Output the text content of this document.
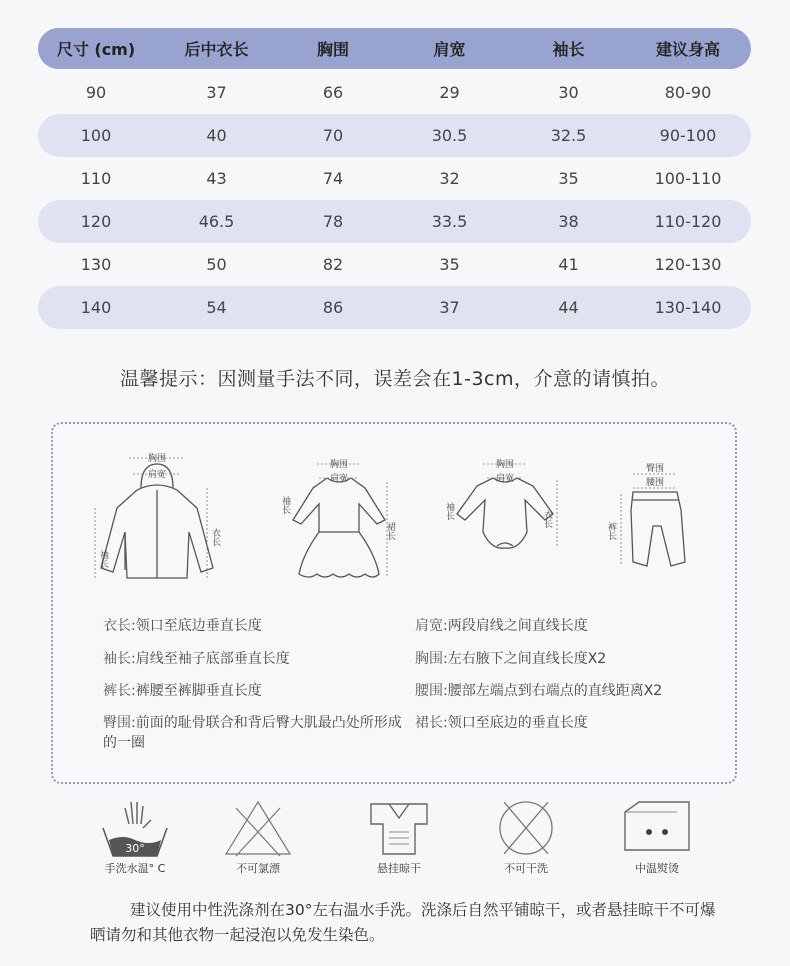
尺寸 (cm)	后中衣长	胸围	肩宽	袖长	建议身高
90	37	66	29	30	80-90
100	40	70	30.5	32.5	90-100
110	43	74	32	35	100-110
120	46.5	78	33.5	38	110-120
130	50	82	35	41	120-130
140	54	86	37	44	130-140
温馨提示：因测量手法不同，误差会在1-3cm，介意的请慎拍。
胸围
肩宽
衣长
袖长
胸围
肩宽
裙长
袖长
胸围
肩宽
衣长
袖长
臀围
腰围
裤长
衣长:领口至底边垂直长度	肩宽:两段肩线之间直线长度
袖长:肩线至袖子底部垂直长度	胸围:左右腋下之间直线长度X2
裤长:裤腰至裤脚垂直长度	腰围:腰部左端点到右端点的直线距离X2
臀围:前面的耻骨联合和背后臀大肌最凸处所形成的一圈
裙长:领口至底边的垂直长度
30°
手洗水温° C	不可氯漂	悬挂晾干	不可干洗	中温熨烫
建议使用中性洗涤剂在30°左右温水手洗。洗涤后自然平铺晾干，或者悬挂晾干不可爆晒请勿和其他衣物一起浸泡以免发生染色。
